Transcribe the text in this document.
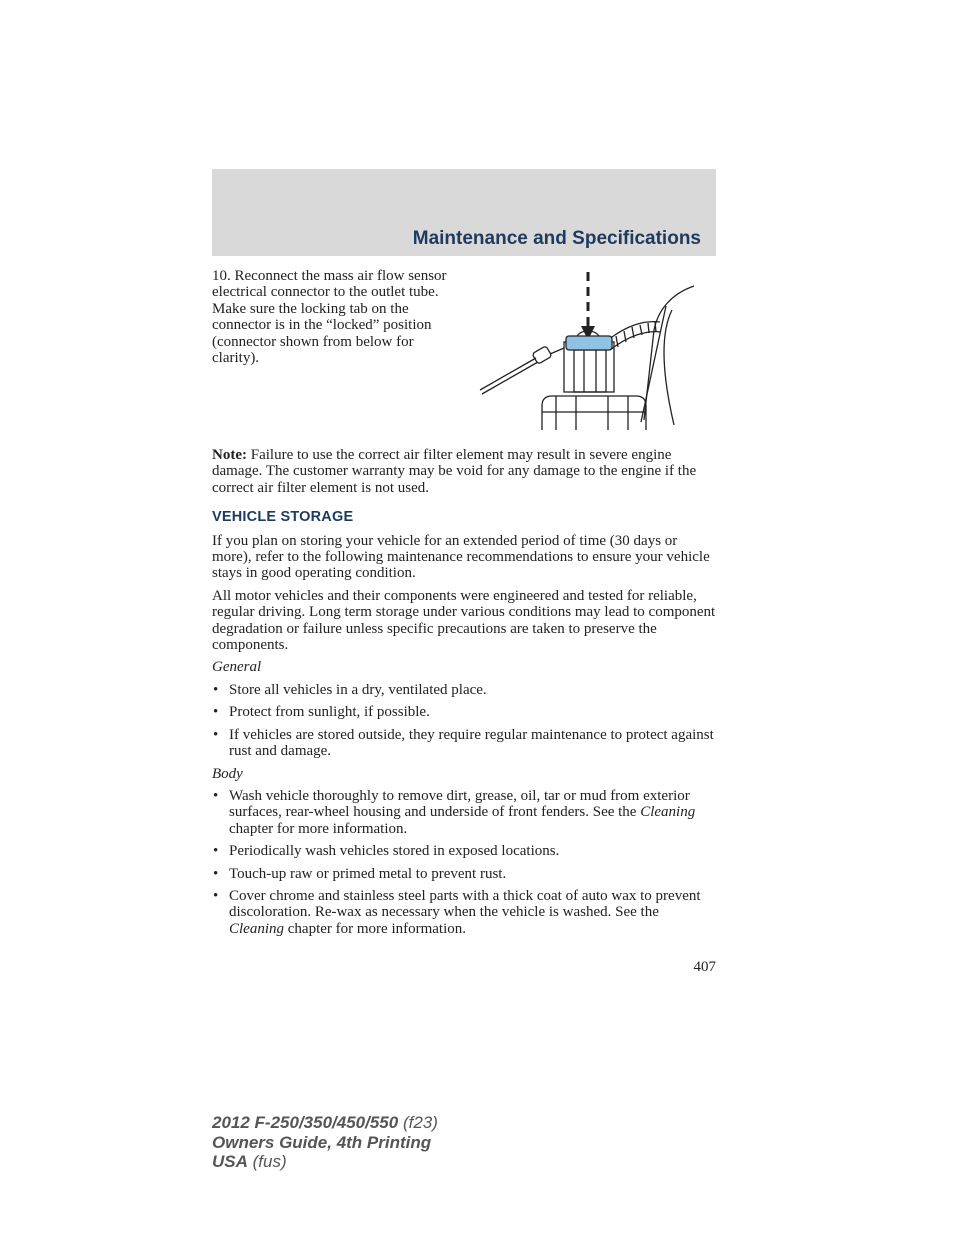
Maintenance and Specifications
10. Reconnect the mass air flow sensor electrical connector to the outlet tube. Make sure the locking tab on the connector is in the “locked” position (connector shown from below for clarity).

Note: Failure to use the correct air filter element may result in severe engine damage. The customer warranty may be void for any damage to the engine if the correct air filter element is not used.

VEHICLE STORAGE

If you plan on storing your vehicle for an extended period of time (30 days or more), refer to the following maintenance recommendations to ensure your vehicle stays in good operating condition.

All motor vehicles and their components were engineered and tested for reliable, regular driving. Long term storage under various conditions may lead to component degradation or failure unless specific precautions are taken to preserve the components.

General

• Store all vehicles in a dry, ventilated place.
• Protect from sunlight, if possible.
• If vehicles are stored outside, they require regular maintenance to protect against rust and damage.

Body

• Wash vehicle thoroughly to remove dirt, grease, oil, tar or mud from exterior surfaces, rear-wheel housing and underside of front fenders. See the Cleaning chapter for more information.
• Periodically wash vehicles stored in exposed locations.
• Touch-up raw or primed metal to prevent rust.
• Cover chrome and stainless steel parts with a thick coat of auto wax to prevent discoloration. Re-wax as necessary when the vehicle is washed. See the Cleaning chapter for more information.
407
2012 F-250/350/450/550 (f23)
Owners Guide, 4th Printing
USA (fus)
